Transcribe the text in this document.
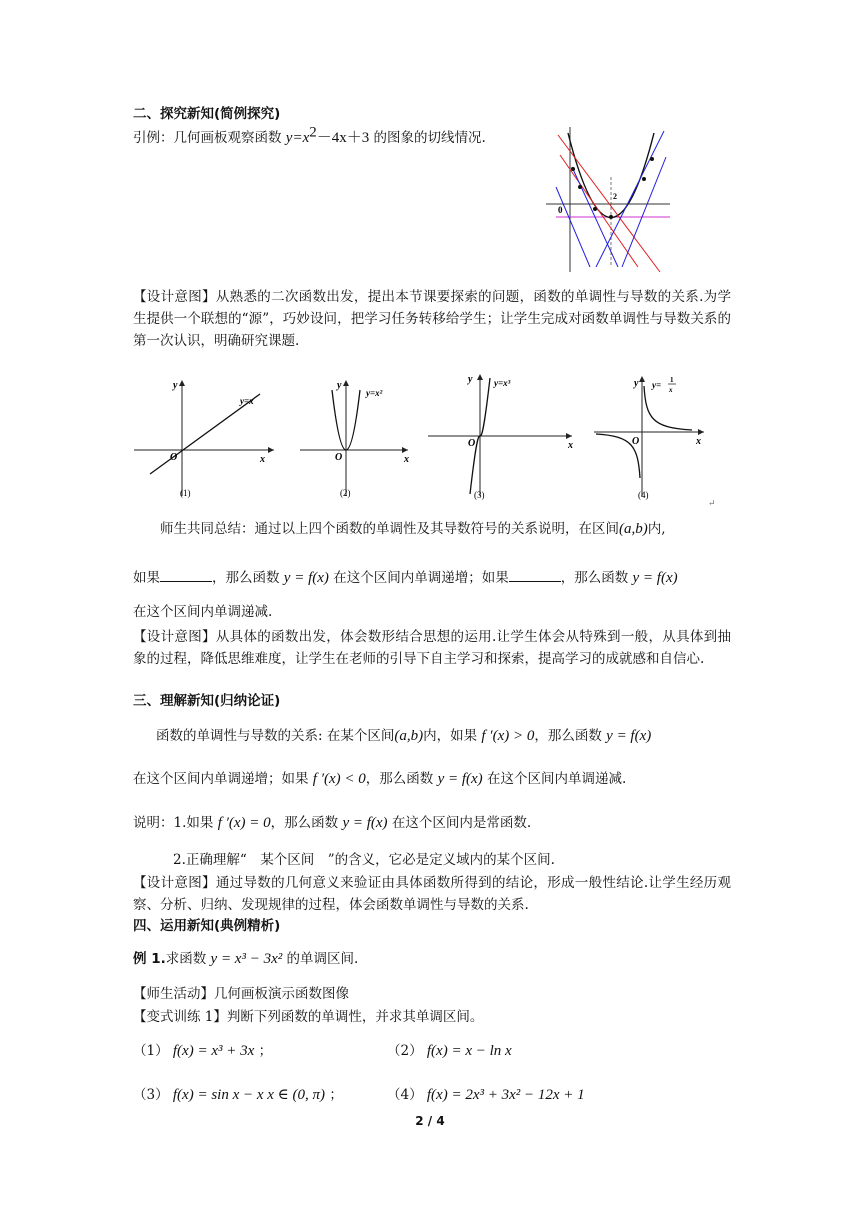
二、探究新知(简例探究)
引例：几何画板观察函数 $y=x^2-4x+3$ 的图象的切线情况.
0
2
【设计意图】从熟悉的二次函数出发，提出本节课要探索的问题，函数的单调性与导数的关系.为学生提供一个联想的“源”，巧妙设问，把学习任务转移给学生；让学生完成对函数单调性与导数关系的第一次认识，明确研究课题.
y
x
O
y=x
(1)
y
x
O
y=x²
(2)
y
x
O
y=x³
(3)
y
x
O
y= 1
x
(4)
↵
师生共同总结：通过以上四个函数的单调性及其导数符号的关系说明，在区间(a,b)内,
如果	，那么函数 y = f(x) 在这个区间内单调递增；如果	，那么函数 y = f(x)
在这个区间内单调递减.
【设计意图】从具体的函数出发，体会数形结合思想的运用.让学生体会从特殊到一般，从具体到抽象的过程，降低思维难度，让学生在老师的引导下自主学习和探索，提高学习的成就感和自信心.
三、理解新知(归纳论证)
函数的单调性与导数的关系: 在某个区间(a,b)内，如果 f ′(x) > 0，那么函数 y = f(x)
在这个区间内单调递增；如果 f ′(x) < 0，那么函数 y = f(x) 在这个区间内单调递减.
说明：1.如果 f ′(x) = 0，那么函数 y = f(x) 在这个区间内是常函数.
2.正确理解“　某个区间　”的含义，它必是定义域内的某个区间.
【设计意图】通过导数的几何意义来验证由具体函数所得到的结论，形成一般性结论.让学生经历观察、分析、归纳、发现规律的过程，体会函数单调性与导数的关系.
四、运用新知(典例精析)
例 1.求函数 y = x³ − 3x² 的单调区间.
【师生活动】几何画板演示函数图像
【变式训练 1】判断下列函数的单调性，并求其单调区间。
（1） f(x) = x³ + 3x ；	（2） f(x) = x − ln x
（3） f(x) = sin x − x x ∈ (0, π) ；	（4） f(x) = 2x³ + 3x² − 12x + 1
2 / 4
